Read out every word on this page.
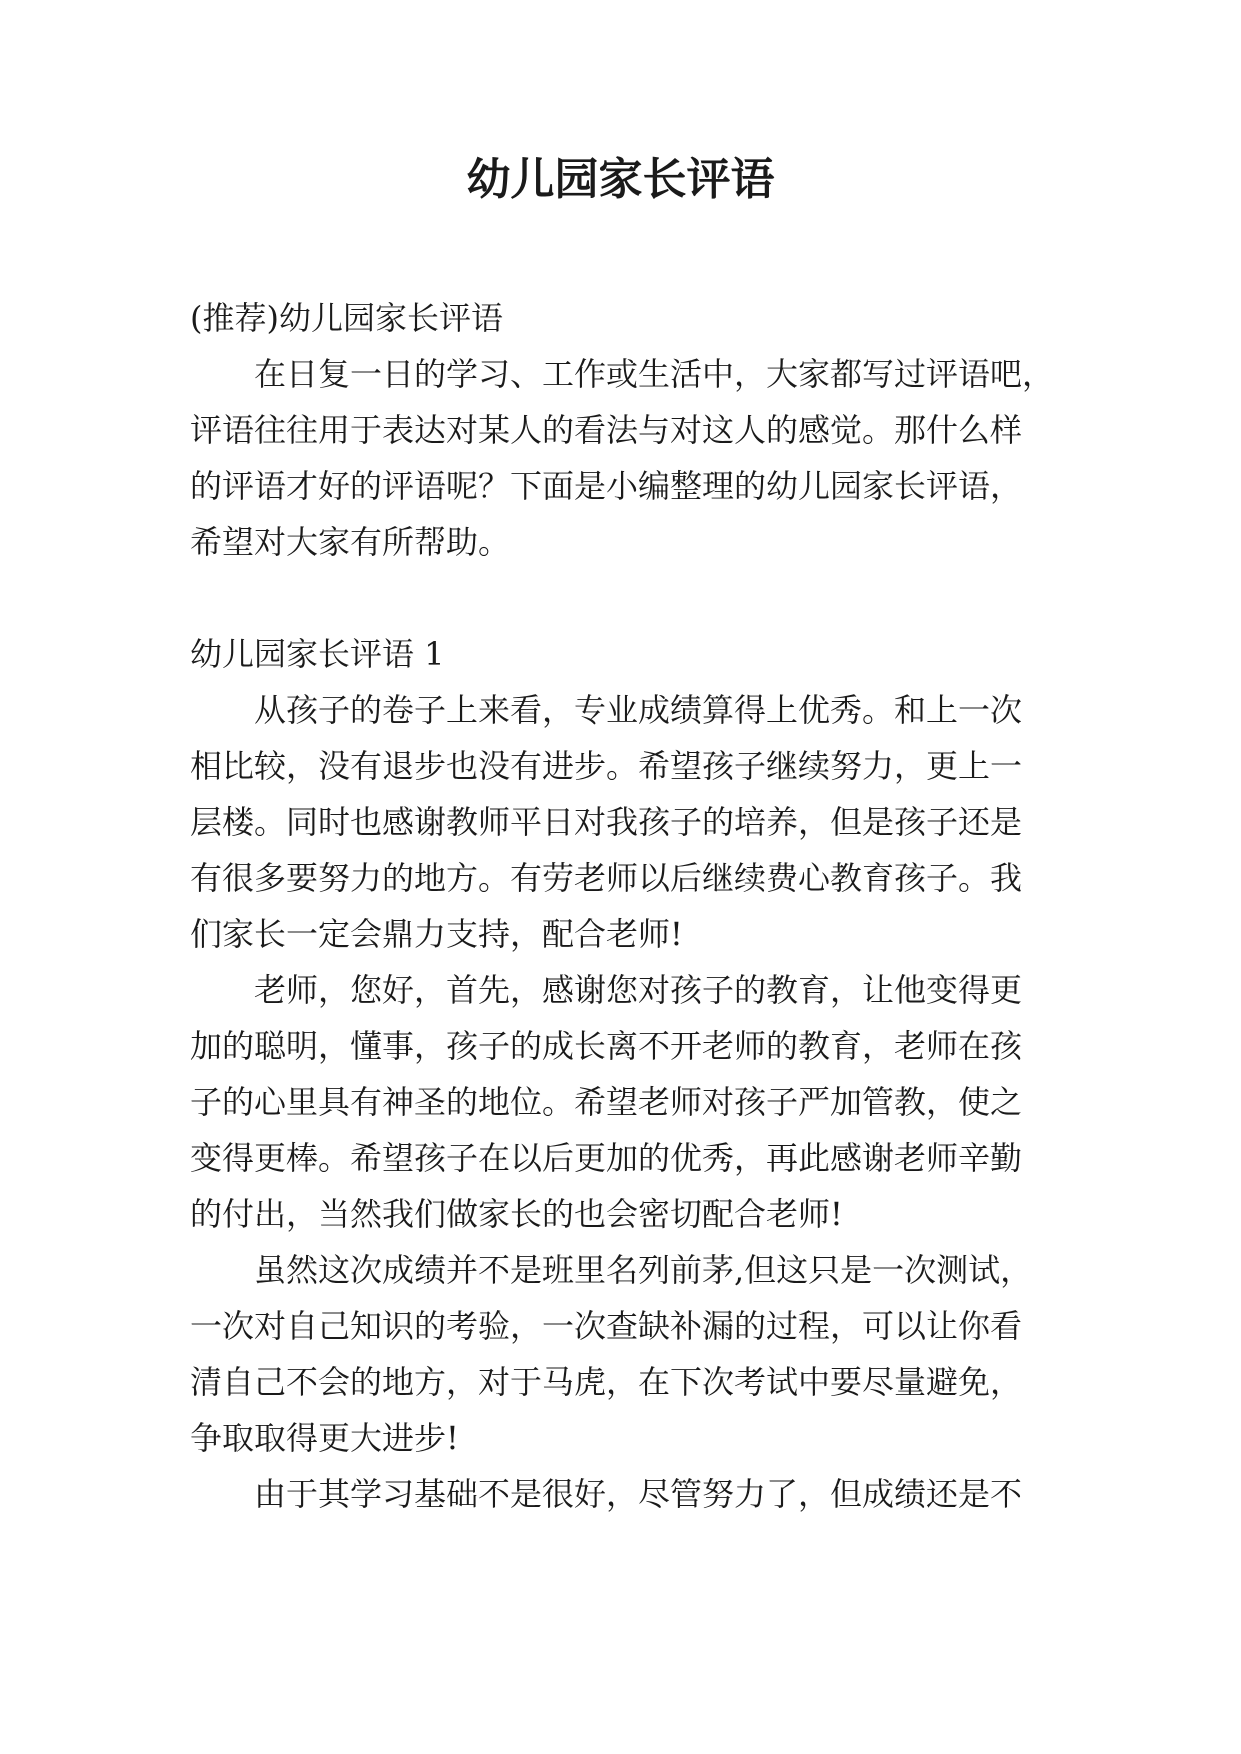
幼儿园家长评语
(推荐)幼儿园家长评语
在日复一日的学习、工作或生活中，大家都写过评语吧，
评语往往用于表达对某人的看法与对这人的感觉。那什么样
的评语才好的评语呢？下面是小编整理的幼儿园家长评语，
希望对大家有所帮助。
幼儿园家长评语 1
从孩子的卷子上来看，专业成绩算得上优秀。和上一次
相比较，没有退步也没有进步。希望孩子继续努力，更上一
层楼。同时也感谢教师平日对我孩子的培养，但是孩子还是
有很多要努力的地方。有劳老师以后继续费心教育孩子。我
们家长一定会鼎力支持，配合老师!
老师，您好，首先，感谢您对孩子的教育，让他变得更
加的聪明，懂事，孩子的成长离不开老师的教育，老师在孩
子的心里具有神圣的地位。希望老师对孩子严加管教，使之
变得更棒。希望孩子在以后更加的优秀，再此感谢老师辛勤
的付出，当然我们做家长的也会密切配合老师!
虽然这次成绩并不是班里名列前茅,但这只是一次测试，
一次对自己知识的考验，一次查缺补漏的过程，可以让你看
清自己不会的地方，对于马虎，在下次考试中要尽量避免，
争取取得更大进步!
由于其学习基础不是很好，尽管努力了，但成绩还是不
